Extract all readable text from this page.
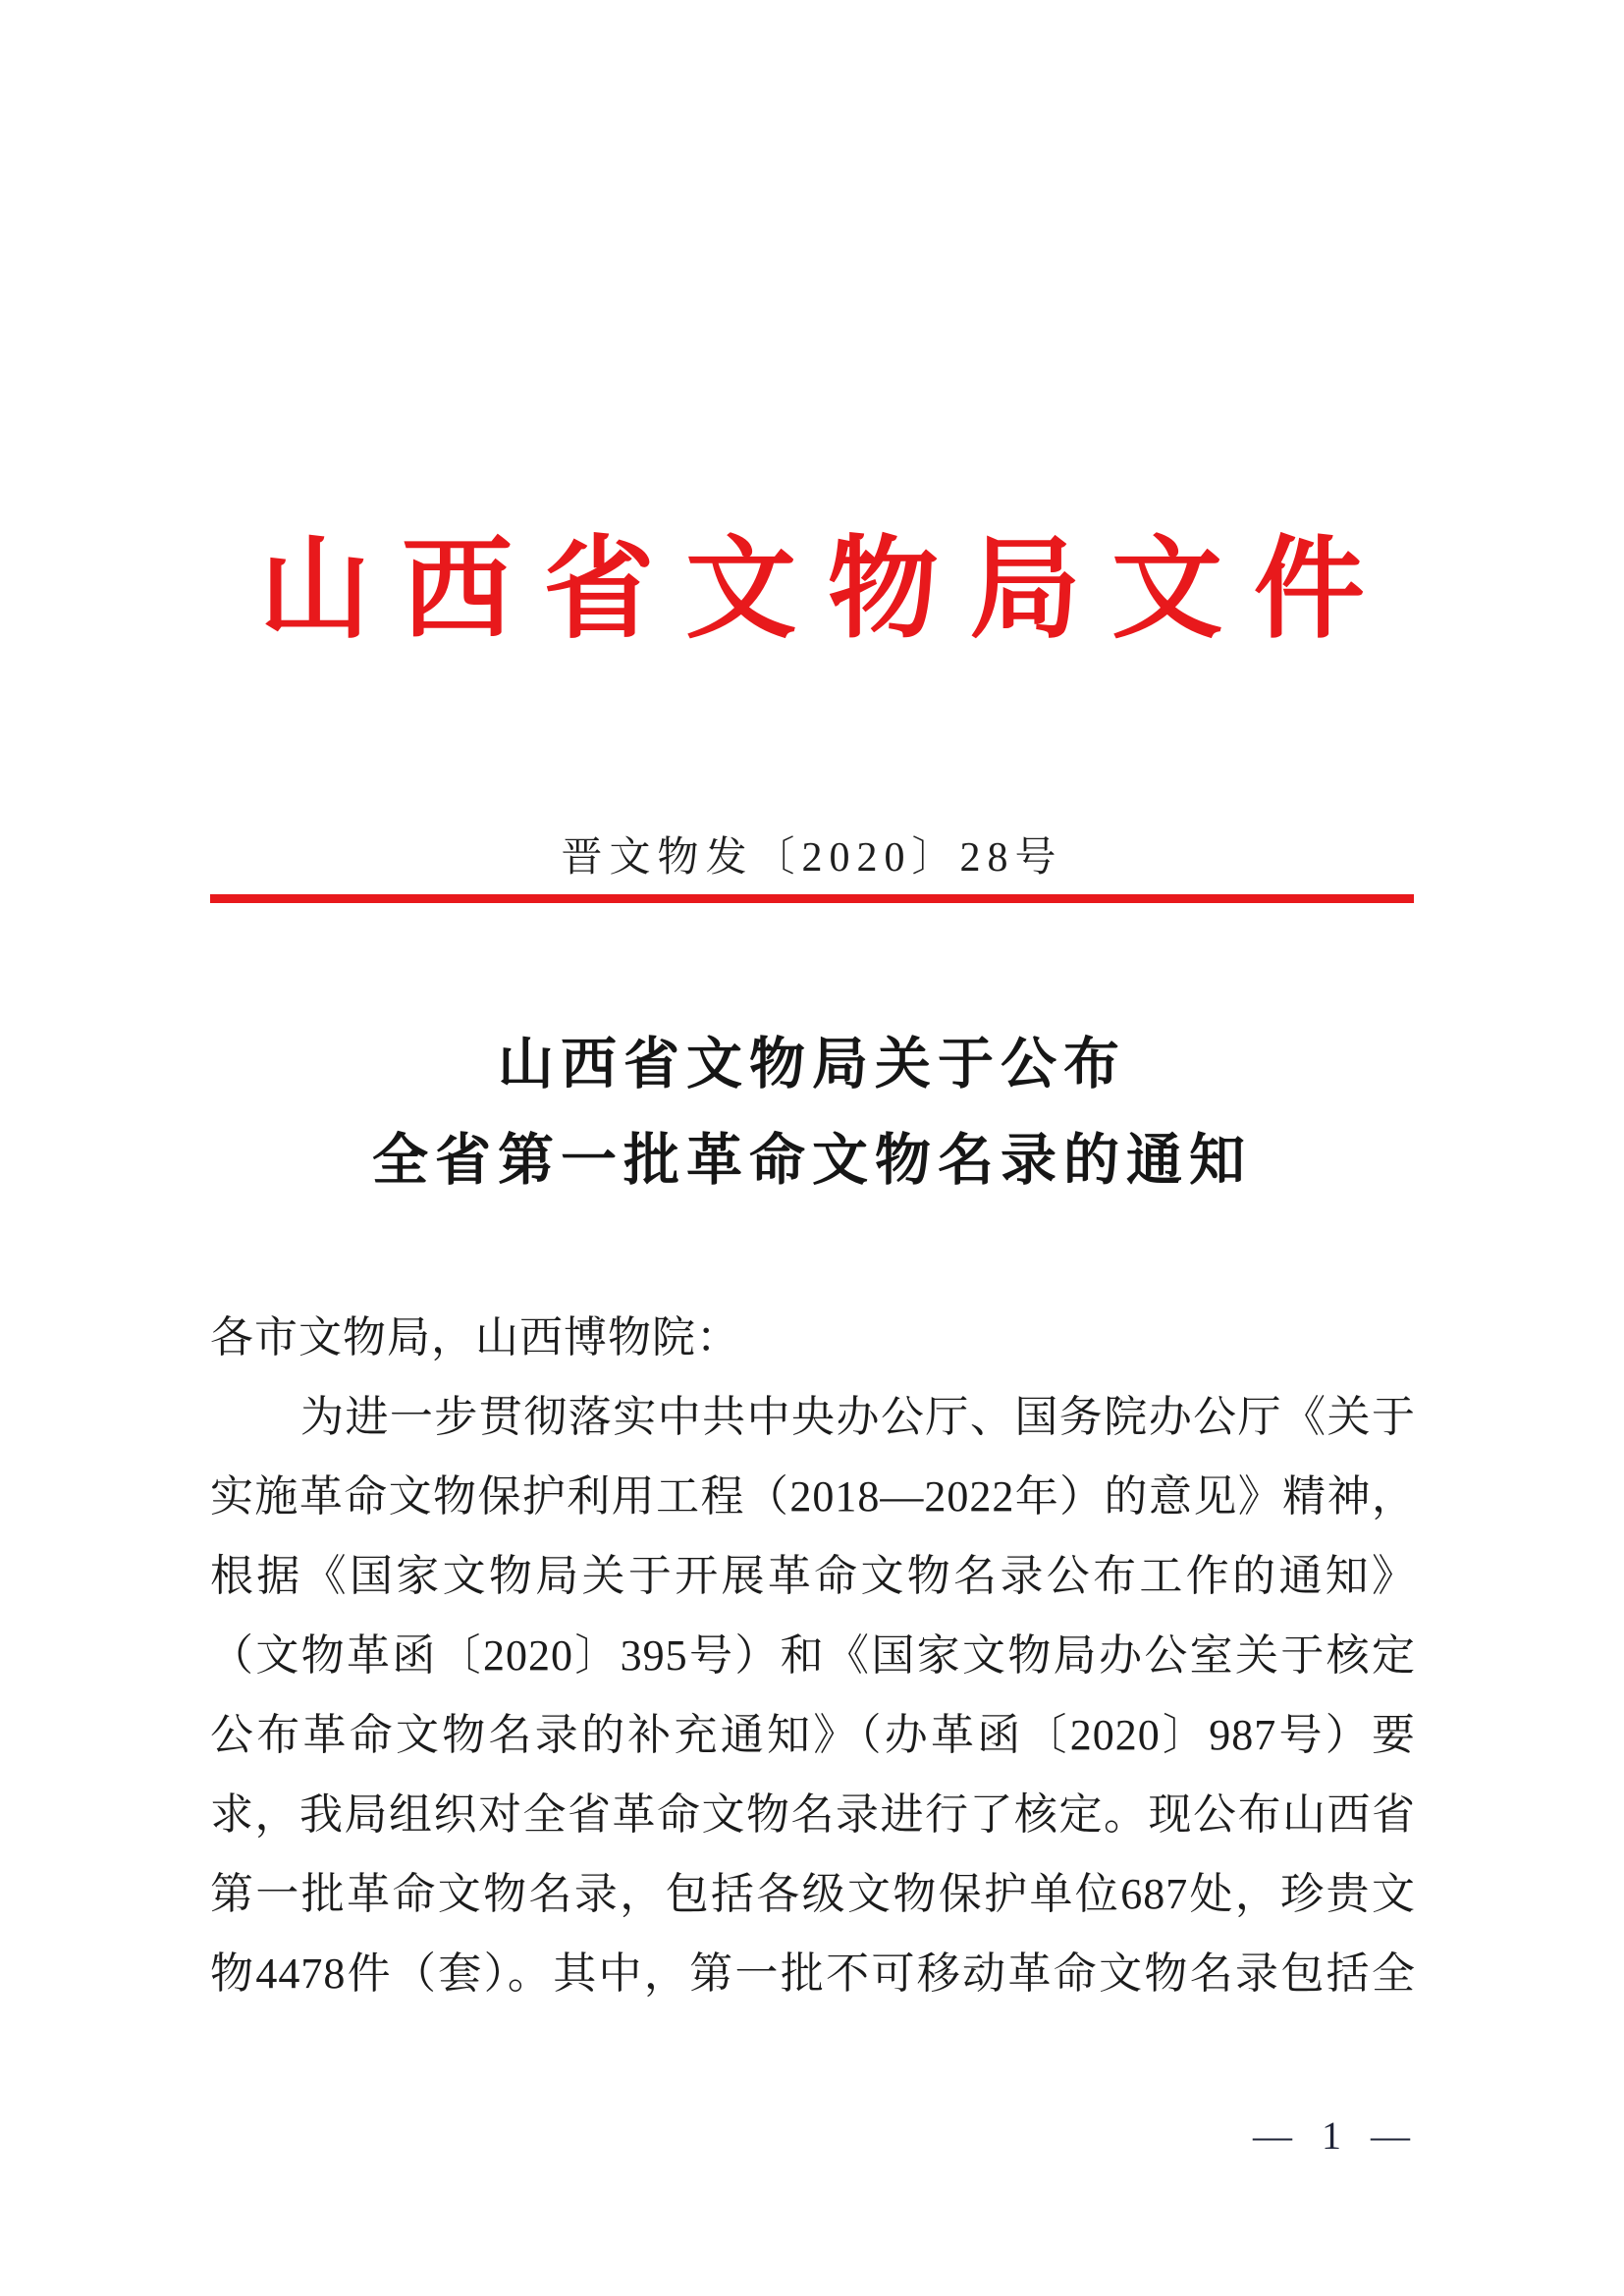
山西省文物局文件
晋文物发〔2020〕28号
山西省文物局关于公布
全省第一批革命文物名录的通知
各市文物局，山西博物院：
为进一步贯彻落实中共中央办公厅、国务院办公厅《关于
实施革命文物保护利用工程（2018—2022年）的意见》精神，
根据《国家文物局关于开展革命文物名录公布工作的通知》
（文物革函〔2020〕395号）和《国家文物局办公室关于核定
公布革命文物名录的补充通知》（办革函〔2020〕987号）要
求，我局组织对全省革命文物名录进行了核定。现公布山西省
第一批革命文物名录，包括各级文物保护单位687处，珍贵文
物4478件（套）。其中，第一批不可移动革命文物名录包括全
— 1 —
